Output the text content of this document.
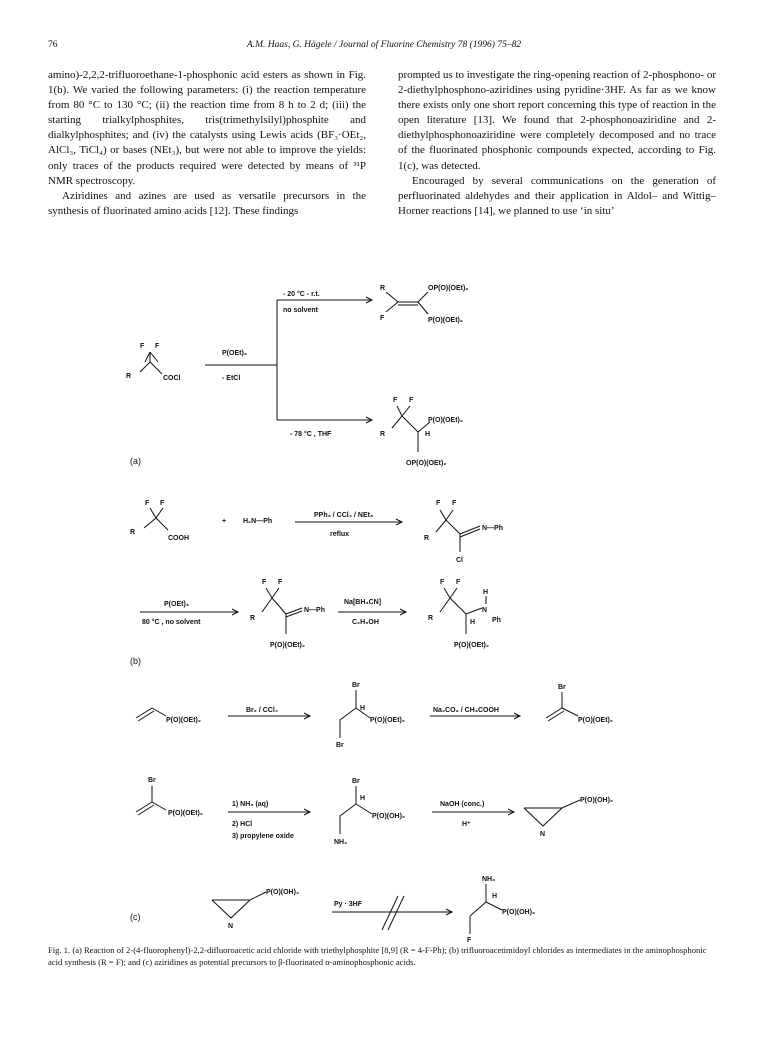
76	A.M. Haas, G. Hägele / Journal of Fluorine Chemistry 78 (1996) 75–82

amino)-2,2,2-trifluoroethane-1-phosphonic acid esters as shown in Fig. 1(b). We varied the following parameters: (i) the reaction temperature from 80 °C to 130 °C; (ii) the reaction time from 8 h to 2 d; (iii) the starting trialkylphosphites, tris(trimethylsilyl)phosphite and dialkylphosphites; and (iv) the catalysts using Lewis acids (BF₃·OEt₂, AlCl₃, TiCl₄) or bases (NEt₃), but were not able to improve the yields: only traces of the products required were detected by means of ³¹P NMR spectroscopy.

Aziridines and azines are used as versatile precursors in the synthesis of fluorinated amino acids [12]. These findings

prompted us to investigate the ring-opening reaction of 2-phosphono- or 2-diethylphosphono-aziridines using pyridine·3HF. As far as we know there exists only one short report concerning this type of reaction in the open literature [13]. We found that 2-phosphonoaziridine and 2-diethylphosphonoaziridine were completely decomposed and no trace of the fluorinated phosphonic compounds expected, according to Fig. 1(c), was detected.

Encouraged by several communications on the generation of perfluorinated aldehydes and their application in Aldol– and Wittig–Horner reactions [14], we planned to use ‘in situ’

F F
R	COCl
P(OEt)₃
- EtCl
- 20 °C - r.t.
no solvent
R
F
OP(O)(OEt)₂
P(O)(OEt)₂
- 78 °C , THF
F F
R
P(O)(OEt)₂
H
OP(O)(OEt)₂
(a)
F F
R
COOH
+ H₂N—Ph
PPh₃ / CCl₄ / NEt₃
reflux
F F
R
N—Ph
Cl
P(OEt)₃
80 °C , no solvent
F F
R
N—Ph
P(O)(OEt)₂
Na[BH₃CN]
C₂H₅OH
F F
R
H
N
H Ph
P(O)(OEt)₂
(b)
P(O)(OEt)₂
Br₂ / CCl₄
Br
H
P(O)(OEt)₂
Br
Na₂CO₃ / CH₃COOH
Br
P(O)(OEt)₂
Br
P(O)(OEt)₂
1) NH₃ (aq)
2) HCl
3) propylene oxide
Br
H
P(O)(OH)₂
NH₂
NaOH (conc.)
H⁺
P(O)(OH)₂
N
P(O)(OH)₂
N
Py · 3HF
NH₂
H
P(O)(OH)₂
F
(c)
Fig. 1. (a) Reaction of 2-(4-fluorophenyl)-2,2-difluoroacetic acid chloride with triethylphosphite [8,9] (R = 4-F-Ph); (b) trifluoroacetimidoyl chlorides as intermediates in the aminophosphonic acid synthesis (R = F); and (c) aziridines as potential precursors to β-fluorinated α-aminophosphonic acids.
